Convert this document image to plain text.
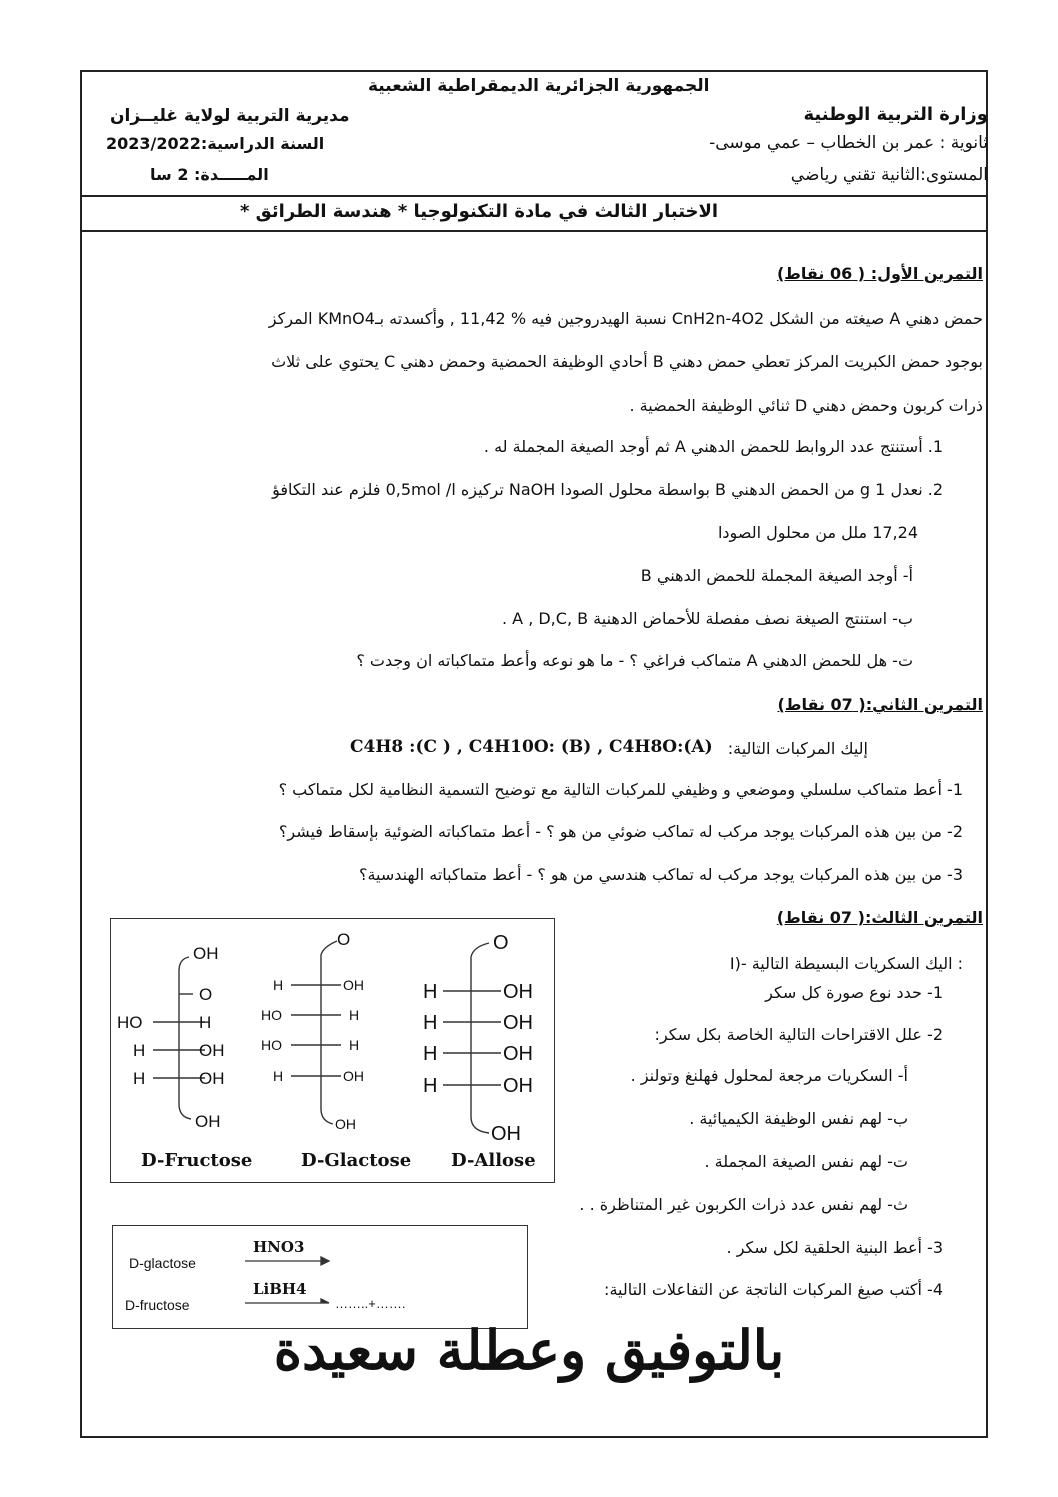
الجمهورية الجزائرية الديمقراطية الشعبية
وزارة التربية الوطنية
ثانوية : عمر بن الخطاب – عمي موسى-
المستوى:الثانية تقني رياضي
مديرية التربية لولاية غليــزان
السنة الدراسية:2023/2022
المـــــدة: 2 سا
الاختبار الثالث في مادة التكنولوجيا * هندسة الطرائق *
التمرين الأول: ( 06 نقاط)
حمض دهني A صيغته من الشكل CnH2n-4O2 نسبة الهيدروجين فيه % 11,42 , وأكسدته بـKMnO4 المركز
بوجود حمض الكبريت المركز تعطي حمض دهني B أحادي الوظيفة الحمضية وحمض دهني C يحتوي على ثلاث
ذرات كربون وحمض دهني D ثنائي الوظيفة الحمضية .
1. أستنتج عدد الروابط للحمض الدهني A ثم أوجد الصيغة المجملة له .
2. نعدل 1 g من الحمض الدهني B بواسطة محلول الصودا NaOH تركيزه 0,5mol /l فلزم عند التكافؤ
17,24 ملل من محلول الصودا
أ- أوجد الصيغة المجملة للحمض الدهني B
ب- استنتج الصيغة نصف مفصلة للأحماض الدهنية A , D,C, B .
ت- هل للحمض الدهني A متماكب فراغي ؟ - ما هو نوعه وأعط متماكباته ان وجدت ؟
التمرين الثاني:( 07 نقاط)
إليك المركبات التالية:
C4H8 :(C ) , C4H10O: (B) , C4H8O:(A)
1- أعط متماكب سلسلي وموضعي و وظيفي للمركبات التالية مع توضيح التسمية النظامية لكل متماكب ؟
2- من بين هذه المركبات يوجد مركب له تماكب ضوئي من هو ؟ - أعط متماكباته الضوئية بإسقاط فيشر؟
3- من بين هذه المركبات يوجد مركب له تماكب هندسي من هو ؟ - أعط متماكباته الهندسية؟
التمرين الثالث:( 07 نقاط)
I)- اليك السكريات البسيطة التالية :
1- حدد نوع صورة كل سكر
2- علل الاقتراحات التالية الخاصة بكل سكر:
أ- السكريات مرجعة لمحلول فهلنغ وتولنز .
ب- لهم نفس الوظيفة الكيميائية .
ت- لهم نفس الصيغة المجملة .
ث- لهم نفس عدد ذرات الكربون غير المتناظرة . .
3- أعط البنية الحلقية لكل سكر .
4- أكتب صيغ المركبات الناتجة عن التفاعلات التالية:
OH
O
HO	H
H	OH
H	OH
OH
O
H	OH
HO	H
HO	H
H	OH
OH
O
H	OH
H	OH
H	OH
H	OH
OH
D-Fructose	D-Glactose D-Allose
D-glactose
HNO3
D-fructose
LiBH4
……..+…….
بالتوفيق وعطلة سعيدة
